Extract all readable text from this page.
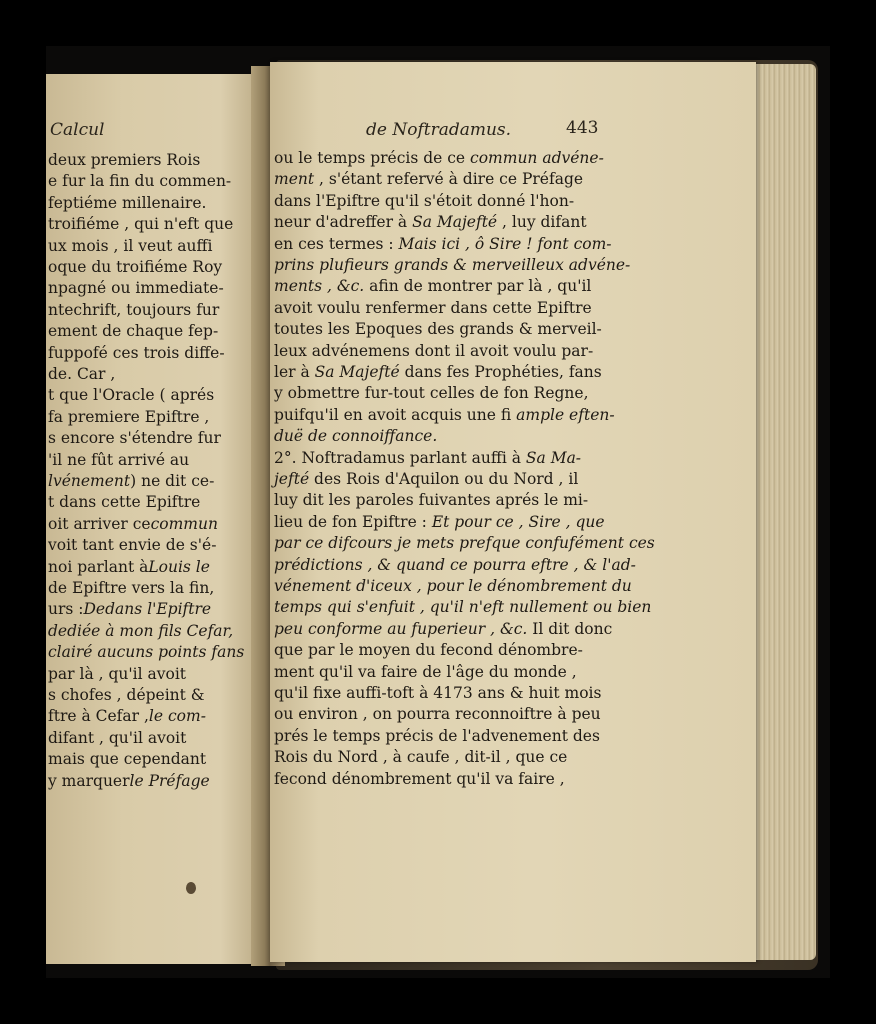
Calcul	de Noftradamus.	443
deux premiers Rois
e fur la fin du commen-
feptiéme millenaire.
troifiéme , qui n'eft que
ux mois , il veut auffi
oque du troifiéme Roy
npagné ou immediate-
ntechrift, toujours fur
ement de chaque fep-
fuppofé ces trois diffe-
de. Car ,
t que l'Oracle ( aprés
fa premiere Epiftre ,
s encore s'étendre fur
'il ne fût arrivé au
lvénement) ne dit ce-
t dans cette Epiftre
oit arriver cecommun
voit tant envie de s'é-
noi parlant àLouis le
de Epiftre vers la fin,
urs :Dedans l'Epiftre
dediée à mon fils Cefar,
clairé aucuns points fans
par là , qu'il avoit
s chofes , dépeint &
ftre à Cefar ,le com-
difant , qu'il avoit
mais que cependant
y marquerle Préfage
ou le temps précis de ce commun advéne-
ment , s'étant refervé à dire ce Préfage
dans l'Epiftre qu'il s'étoit donné l'hon-
neur d'adreffer à Sa Majefté , luy difant
en ces termes : Mais ici , ô Sire ! font com-
prins plufieurs grands & merveilleux advéne-
ments , &c. afin de montrer par là , qu'il
avoit voulu renfermer dans cette Epiftre
toutes les Epoques des grands & merveil-
leux advénemens dont il avoit voulu par-
ler à Sa Majefté dans fes Prophéties, fans
y obmettre fur-tout celles de fon Regne,
puifqu'il en avoit acquis une fi ample eften-
duë de connoiffance.
2°. Noftradamus parlant auffi à Sa Ma-
jefté des Rois d'Aquilon ou du Nord , il
luy dit les paroles fuivantes aprés le mi-
lieu de fon Epiftre : Et pour ce , Sire , que
par ce difcours je mets prefque confufément ces
prédictions , & quand ce pourra eftre , & l'ad-
vénement d'iceux , pour le dénombrement du
temps qui s'enfuit , qu'il n'eft nullement ou bien
peu conforme au fuperieur , &c. Il dit donc
que par le moyen du fecond dénombre-
ment qu'il va faire de l'âge du monde ,
qu'il fixe auffi-toft à 4173 ans & huit mois
ou environ , on pourra reconnoiftre à peu
prés le temps précis de l'advenement des
Rois du Nord , à caufe , dit-il , que ce
fecond dénombrement qu'il va faire ,
